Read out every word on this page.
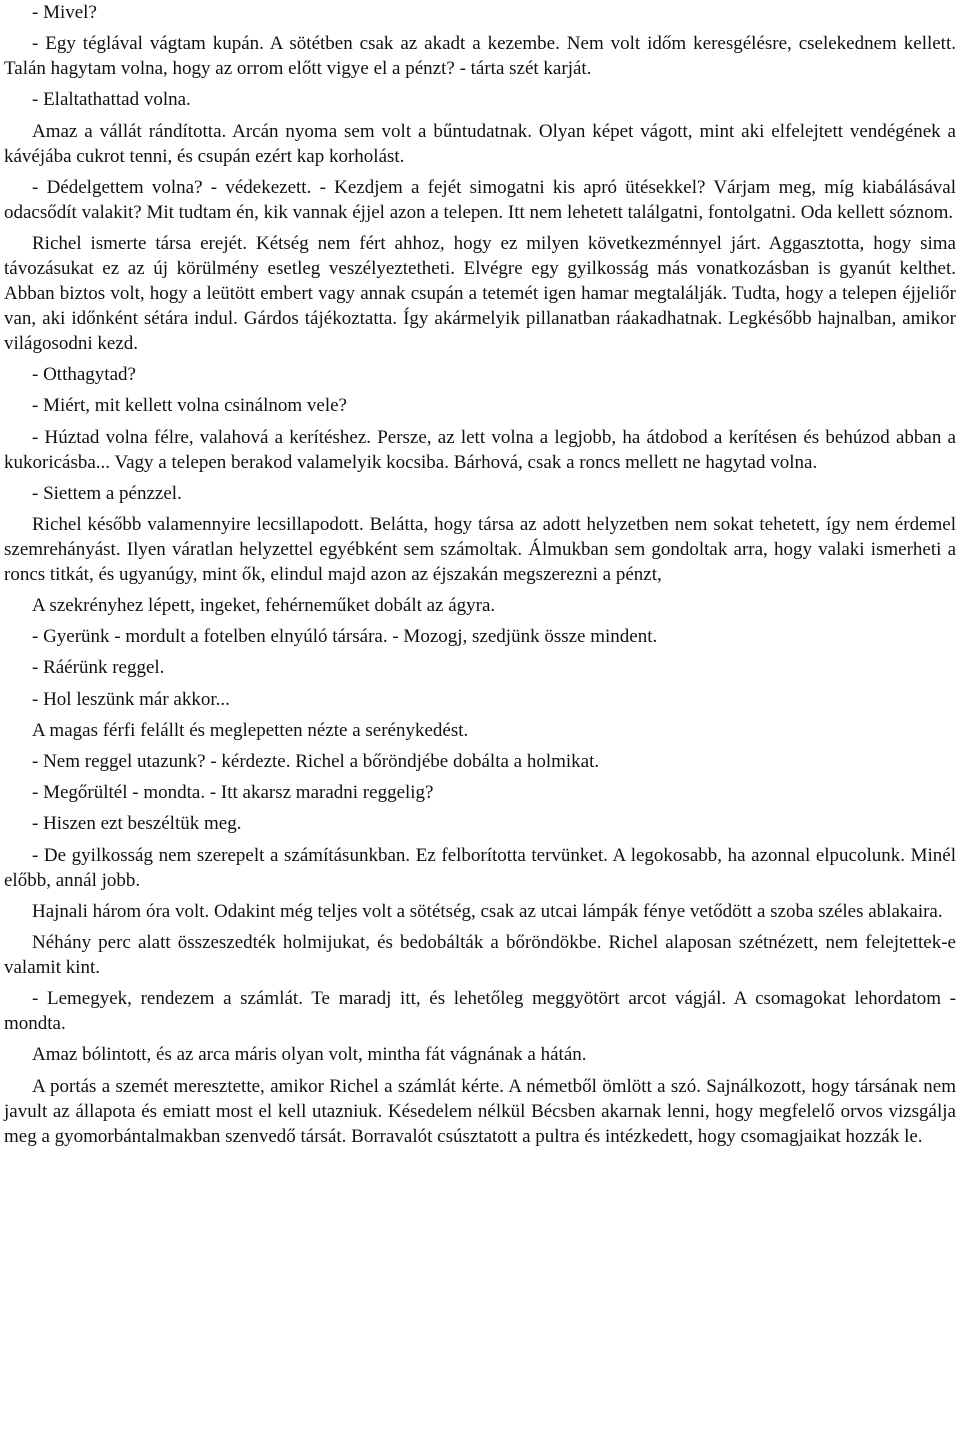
- Mivel?

- Egy téglával vágtam kupán. A sötétben csak az akadt a kezembe. Nem volt időm keresgélésre, cselekednem kellett. Talán hagytam volna, hogy az orrom előtt vigye el a pénzt? - tárta szét karját.

- Elaltathattad volna.

Amaz a vállát rándította. Arcán nyoma sem volt a bűntudatnak. Olyan képet vágott, mint aki elfelejtett vendégének a kávéjába cukrot tenni, és csupán ezért kap korholást.

- Dédelgettem volna? - védekezett. - Kezdjem a fejét simogatni kis apró ütésekkel? Várjam meg, míg kiabálásával odacsődít valakit? Mit tudtam én, kik vannak éjjel azon a telepen. Itt nem lehetett találgatni, fontolgatni. Oda kellett sóznom.

Richel ismerte társa erejét. Kétség nem fért ahhoz, hogy ez milyen következménnyel járt. Aggasztotta, hogy sima távozásukat ez az új körülmény esetleg veszélyeztetheti. Elvégre egy gyilkosság más vonatkozásban is gyanút kelthet. Abban biztos volt, hogy a leütött embert vagy annak csupán a tetemét igen hamar megtalálják. Tudta, hogy a telepen éjjeliőr van, aki időnként sétára indul. Gárdos tájékoztatta. Így akármelyik pillanatban ráakadhatnak. Legkésőbb hajnalban, amikor világosodni kezd.

- Otthagytad?

- Miért, mit kellett volna csinálnom vele?

- Húztad volna félre, valahová a kerítéshez. Persze, az lett volna a legjobb, ha átdobod a kerítésen és behúzod abban a kukoricásba... Vagy a telepen berakod valamelyik kocsiba. Bárhová, csak a roncs mellett ne hagytad volna.

- Siettem a pénzzel.

Richel később valamennyire lecsillapodott. Belátta, hogy társa az adott helyzetben nem sokat tehetett, így nem érdemel szemrehányást. Ilyen váratlan helyzettel egyébként sem számoltak. Álmukban sem gondoltak arra, hogy valaki ismerheti a roncs titkát, és ugyanúgy, mint ők, elindul majd azon az éjszakán megszerezni a pénzt,

A szekrényhez lépett, ingeket, fehérneműket dobált az ágyra.

- Gyerünk - mordult a fotelben elnyúló társára. - Mozogj, szedjünk össze mindent.

- Ráérünk reggel.

- Hol leszünk már akkor...

A magas férfi felállt és meglepetten nézte a serénykedést.

- Nem reggel utazunk? - kérdezte. Richel a bőröndjébe dobálta a holmikat.

- Megőrültél - mondta. - Itt akarsz maradni reggelig?

- Hiszen ezt beszéltük meg.

- De gyilkosság nem szerepelt a számításunkban. Ez felborította tervünket. A legokosabb, ha azonnal elpucolunk. Minél előbb, annál jobb.

Hajnali három óra volt. Odakint még teljes volt a sötétség, csak az utcai lámpák fénye vetődött a szoba széles ablakaira.

Néhány perc alatt összeszedték holmijukat, és bedobálták a bőröndökbe. Richel alaposan szétnézett, nem felejtettek-e valamit kint.

- Lemegyek, rendezem a számlát. Te maradj itt, és lehetőleg meggyötört arcot vágjál. A csomagokat lehordatom - mondta.

Amaz bólintott, és az arca máris olyan volt, mintha fát vágnának a hátán.

A portás a szemét meresztette, amikor Richel a számlát kérte. A németből ömlött a szó. Sajnálkozott, hogy társának nem javult az állapota és emiatt most el kell utazniuk. Késedelem nélkül Bécsben akarnak lenni, hogy megfelelő orvos vizsgálja meg a gyomorbántalmakban szenvedő társát. Borravalót csúsztatott a pultra és intézkedett, hogy csomagjaikat hozzák le.
